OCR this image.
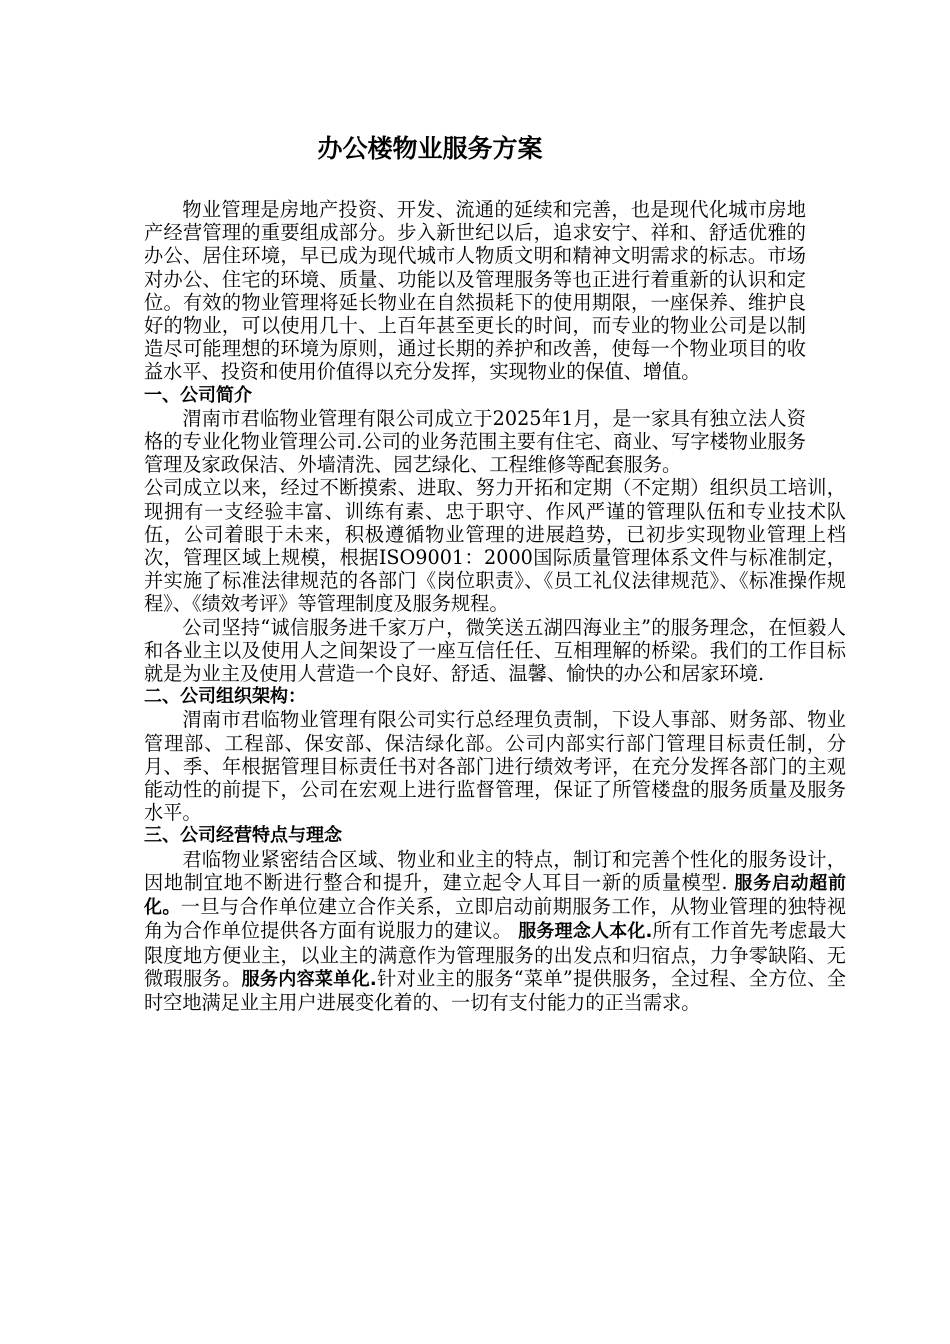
办公楼物业服务方案

物业管理是房地产投资、开发、流通的延续和完善，也是现代化城市房地产经营管理的重要组成部分。步入新世纪以后，追求安宁、祥和、舒适优雅的办公、居住环境，早已成为现代城市人物质文明和精神文明需求的标志。市场对办公、住宅的环境、质量、功能以及管理服务等也正进行着重新的认识和定位。有效的物业管理将延长物业在自然损耗下的使用期限，一座保养、维护良好的物业，可以使用几十、上百年甚至更长的时间，而专业的物业公司是以制造尽可能理想的环境为原则，通过长期的养护和改善，使每一个物业项目的收益水平、投资和使用价值得以充分发挥，实现物业的保值、增值。

一、公司简介

渭南市君临物业管理有限公司成立于2025年1月，是一家具有独立法人资格的专业化物业管理公司.公司的业务范围主要有住宅、商业、写字楼物业服务管理及家政保洁、外墙清洗、园艺绿化、工程维修等配套服务。

公司成立以来，经过不断摸索、进取、努力开拓和定期（不定期）组织员工培训，现拥有一支经验丰富、训练有素、忠于职守、作风严谨的管理队伍和专业技术队伍，公司着眼于未来，积极遵循物业管理的进展趋势，已初步实现物业管理上档次，管理区域上规模，根据ISO9001：2000国际质量管理体系文件与标准制定，并实施了标准法律规范的各部门《岗位职责》、《员工礼仪法律规范》、《标准操作规程》、《绩效考评》等管理制度及服务规程。

公司坚持“诚信服务进千家万户，微笑送五湖四海业主”的服务理念，在恒毅人和各业主以及使用人之间架设了一座互信任任、互相理解的桥梁。我们的工作目标就是为业主及使用人营造一个良好、舒适、温馨、愉快的办公和居家环境.

二、公司组织架构：

渭南市君临物业管理有限公司实行总经理负责制，下设人事部、财务部、物业管理部、工程部、保安部、保洁绿化部。公司内部实行部门管理目标责任制，分月、季、年根据管理目标责任书对各部门进行绩效考评，在充分发挥各部门的主观能动性的前提下，公司在宏观上进行监督管理，保证了所管楼盘的服务质量及服务水平。

三、公司经营特点与理念

君临物业紧密结合区域、物业和业主的特点，制订和完善个性化的服务设计，因地制宜地不断进行整合和提升，建立起令人耳目一新的质量模型. 服务启动超前化。一旦与合作单位建立合作关系，立即启动前期服务工作，从物业管理的独特视角为合作单位提供各方面有说服力的建议。 服务理念人本化.所有工作首先考虑最大限度地方便业主，以业主的满意作为管理服务的出发点和归宿点，力争零缺陷、无微瑕服务。服务内容菜单化.针对业主的服务“菜单”提供服务，全过程、全方位、全时空地满足业主用户进展变化着的、一切有支付能力的正当需求。
